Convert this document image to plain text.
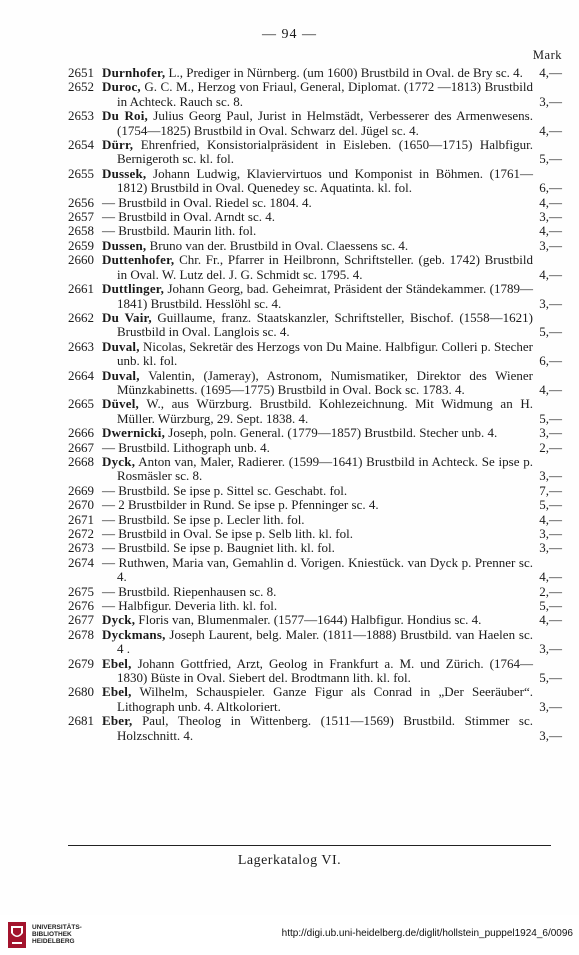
— 94 —
Mark
2651 Durnhofer, L., Prediger in Nürnberg. (um 1600) Brustbild in Oval. de Bry sc. 4.	4,—
2652 Duroc, G. C. M., Herzog von Friaul, General, Diplomat. (1772 —1813) Brustbild in Achteck. Rauch sc. 8.	3,—
2653 Du Roi, Julius Georg Paul, Jurist in Helmstädt, Verbesserer des Armenwesens. (1754—1825) Brustbild in Oval. Schwarz del. Jügel sc. 4.	4,—
2654 Dürr, Ehrenfried, Konsistorialpräsident in Eisleben. (1650—1715) Halbfigur. Bernigeroth sc. kl. fol.	5,—
2655 Dussek, Johann Ludwig, Klaviervirtuos und Komponist in Böhmen. (1761—1812) Brustbild in Oval. Quenedey sc. Aquatinta. kl. fol.	6,—
2656 — Brustbild in Oval. Riedel sc. 1804. 4.	4,—
2657 — Brustbild in Oval. Arndt sc. 4.	3,—
2658 — Brustbild. Maurin lith. fol.	4,—
2659 Dussen, Bruno van der. Brustbild in Oval. Claessens sc. 4.	3,—
2660 Duttenhofer, Chr. Fr., Pfarrer in Heilbronn, Schriftsteller. (geb. 1742) Brustbild in Oval. W. Lutz del. J. G. Schmidt sc. 1795. 4.	4,—
2661 Duttlinger, Johann Georg, bad. Geheimrat, Präsident der Ständekammer. (1789—1841) Brustbild. Hesslöhl sc. 4.	3,—
2662 Du Vair, Guillaume, franz. Staatskanzler, Schriftsteller, Bischof. (1558—1621) Brustbild in Oval. Langlois sc. 4.	5,—
2663 Duval, Nicolas, Sekretär des Herzogs von Du Maine. Halbfigur. Colleri p. Stecher unb. kl. fol.	6,—
2664 Duval, Valentin, (Jameray), Astronom, Numismatiker, Direktor des Wiener Münzkabinetts. (1695—1775) Brustbild in Oval. Bock sc. 1783. 4.	4,—
2665 Düvel, W., aus Würzburg. Brustbild. Kohlezeichnung. Mit Widmung an H. Müller. Würzburg, 29. Sept. 1838. 4.	5,—
2666 Dwernicki, Joseph, poln. General. (1779—1857) Brustbild. Stecher unb. 4.	3,—
2667 — Brustbild. Lithograph unb. 4.	2,—
2668 Dyck, Anton van, Maler, Radierer. (1599—1641) Brustbild in Achteck. Se ipse p. Rosmäsler sc. 8.	3,—
2669 — Brustbild. Se ipse p. Sittel sc. Geschabt. fol.	7,—
2670 — 2 Brustbilder in Rund. Se ipse p. Pfenninger sc. 4.	5,—
2671 — Brustbild. Se ipse p. Lecler lith. fol.	4,—
2672 — Brustbild in Oval. Se ipse p. Selb lith. kl. fol.	3,—
2673 — Brustbild. Se ipse p. Baugniet lith. kl. fol.	3,—
2674 — Ruthwen, Maria van, Gemahlin d. Vorigen. Kniestück. van Dyck p. Prenner sc. 4.	4,—
2675 — Brustbild. Riepenhausen sc. 8.	2,—
2676 — Halbfigur. Deveria lith. kl. fol.	5,—
2677 Dyck, Floris van, Blumenmaler. (1577—1644) Halbfigur. Hondius sc. 4.	4,—
2678 Dyckmans, Joseph Laurent, belg. Maler. (1811—1888) Brustbild. van Haelen sc. 4 .	3,—
2679 Ebel, Johann Gottfried, Arzt, Geolog in Frankfurt a. M. und Zürich. (1764—1830) Büste in Oval. Siebert del. Brodtmann lith. kl. fol.	5,—
2680 Ebel, Wilhelm, Schauspieler. Ganze Figur als Conrad in „Der Seeräuber“. Lithograph unb. 4. Altkoloriert.	3,—
2681 Eber, Paul, Theolog in Wittenberg. (1511—1569) Brustbild. Stimmer sc. Holzschnitt. 4.	3,—
Lagerkatalog VI.
UNIVERSITÄTS-
BIBLIOTHEK
HEIDELBERG
http://digi.ub.uni-heidelberg.de/diglit/hollstein_puppel1924_6/0096
